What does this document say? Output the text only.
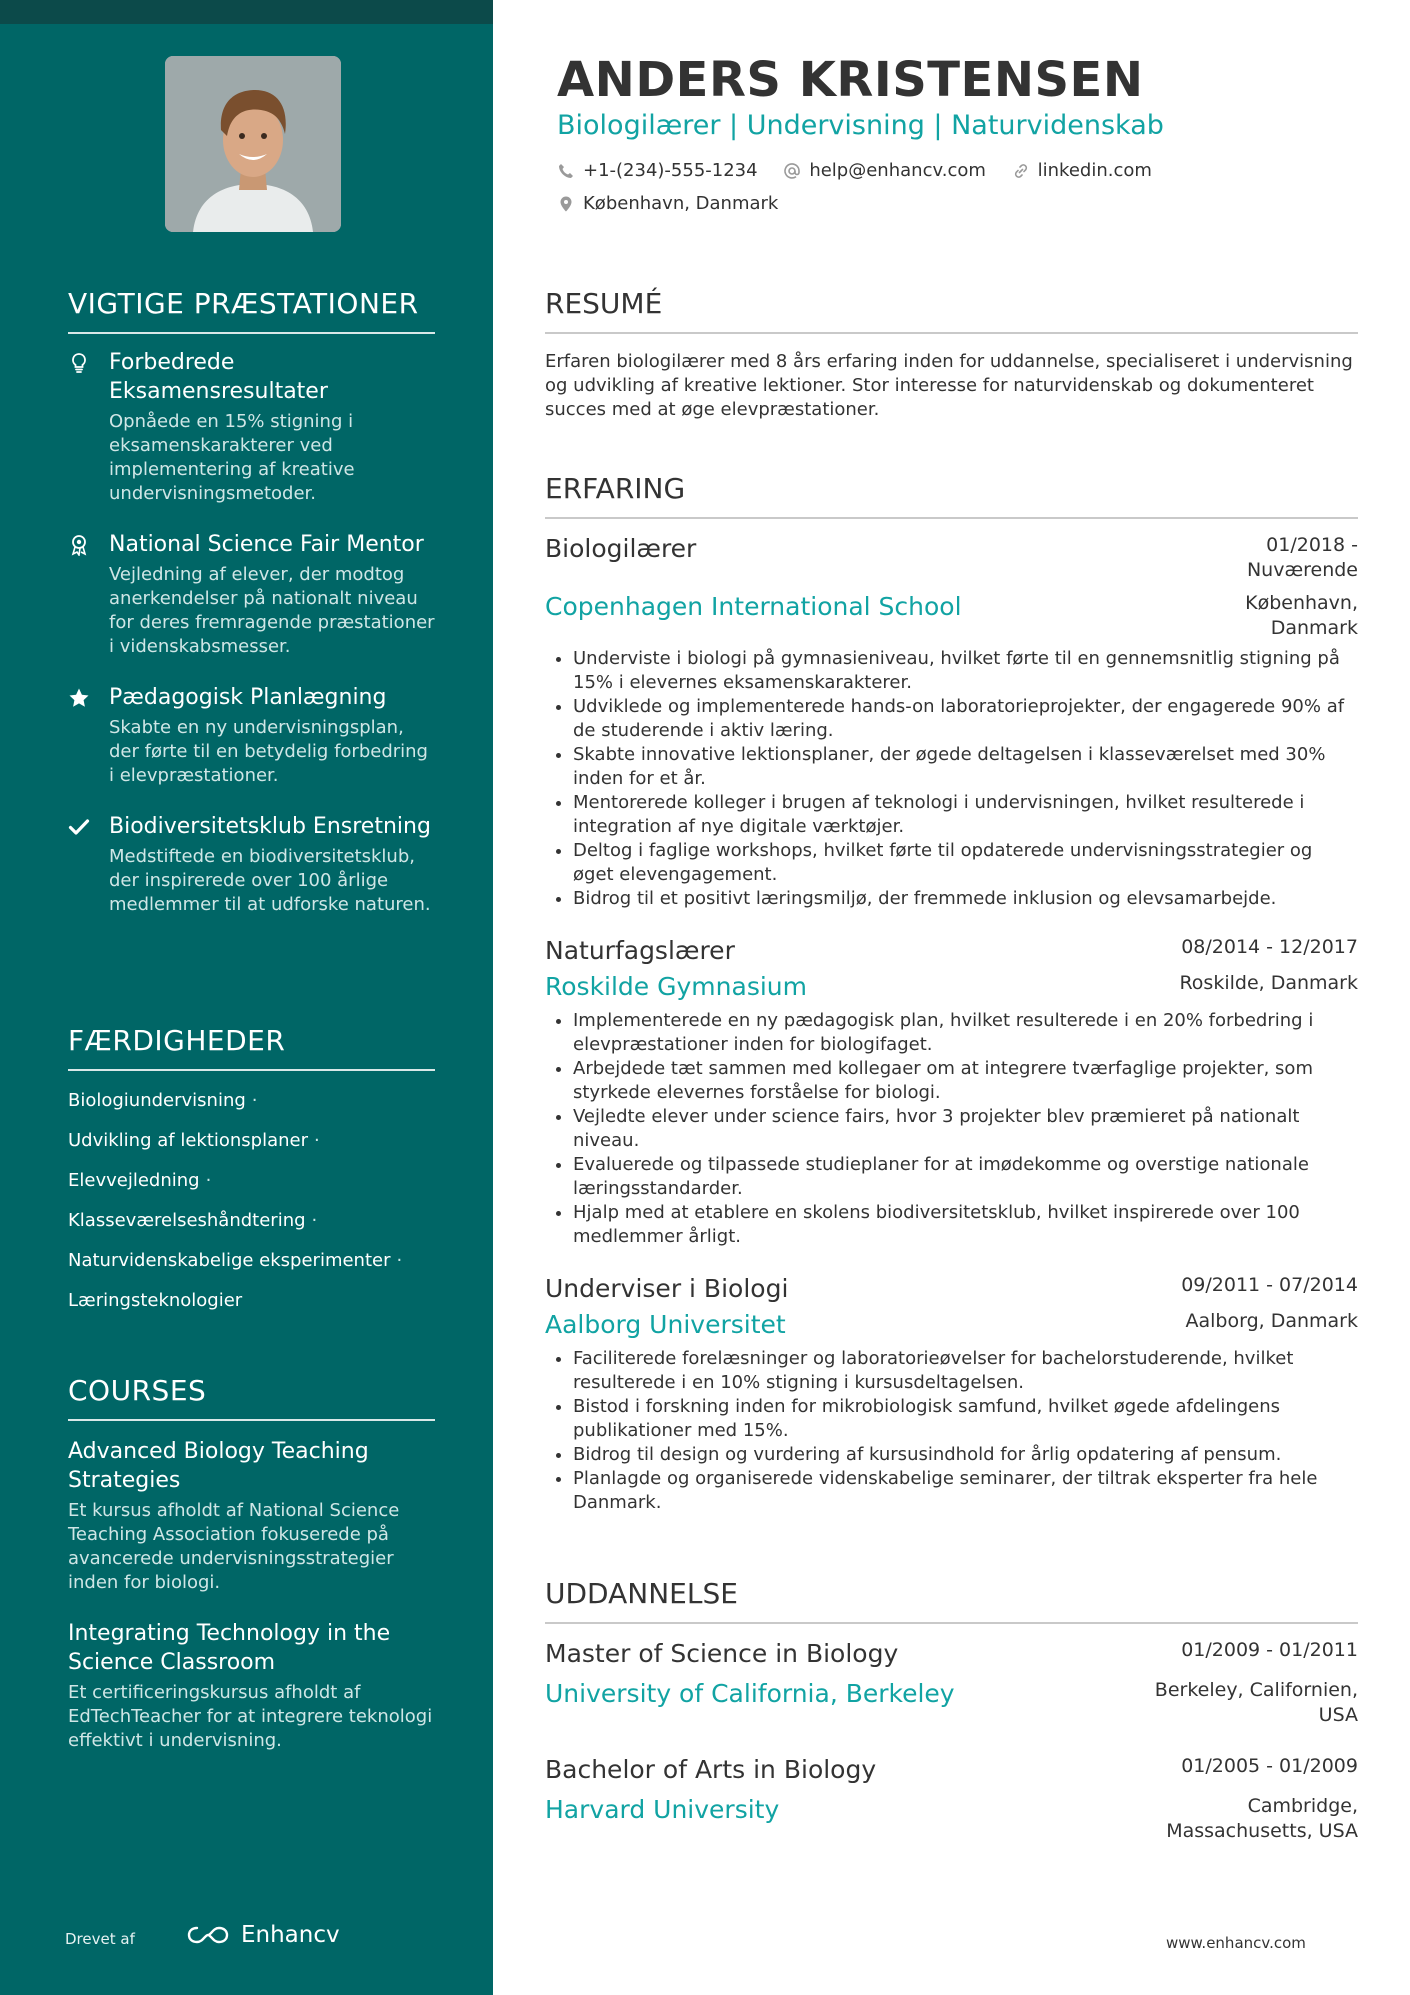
VIGTIGE PRÆSTATIONER
Forbedrede Eksamensresultater
Opnåede en 15% stigning i eksamenskarakterer ved implementering af kreative undervisningsmetoder.
National Science Fair Mentor
Vejledning af elever, der modtog anerkendelser på nationalt niveau for deres fremragende præstationer i videnskabsmesser.
Pædagogisk Planlægning
Skabte en ny undervisningsplan, der førte til en betydelig forbedring i elevpræstationer.
Biodiversitetsklub Ensretning
Medstiftede en biodiversitetsklub, der inspirerede over 100 årlige medlemmer til at udforske naturen.
FÆRDIGHEDER
Biologiundervisning ·
Udvikling af lektionsplaner ·
Elevvejledning ·
Klasseværelseshåndtering ·
Naturvidenskabelige eksperimenter ·
Læringsteknologier
COURSES
Advanced Biology Teaching Strategies
Et kursus afholdt af National Science Teaching Association fokuserede på avancerede undervisningsstrategier inden for biologi.
Integrating Technology in the Science Classroom
Et certificeringskursus afholdt af EdTechTeacher for at integrere teknologi effektivt i undervisning.
Drevet af	Enhancv
ANDERS KRISTENSEN
Biologilærer | Undervisning | Naturvidenskab
+1-(234)-555-1234
	help@enhancv.com
	linkedin.com

København, Danmark
RESUMÉ
Erfaren biologilærer med 8 års erfaring inden for uddannelse, specialiseret i undervisning og udvikling af kreative lektioner. Stor interesse for naturvidenskab og dokumenteret succes med at øge elevpræstationer.
ERFARING
Biologilærer	01/2018 - Nuværende
Copenhagen International School	København, Danmark
• Underviste i biologi på gymnasieniveau, hvilket førte til en gennemsnitlig stigning på 15% i elevernes eksamenskarakterer.
• Udviklede og implementerede hands-on laboratorieprojekter, der engagerede 90% af de studerende i aktiv læring.
• Skabte innovative lektionsplaner, der øgede deltagelsen i klasseværelset med 30% inden for et år.
• Mentorerede kolleger i brugen af teknologi i undervisningen, hvilket resulterede i integration af nye digitale værktøjer.
• Deltog i faglige workshops, hvilket førte til opdaterede undervisningsstrategier og øget elevengagement.
• Bidrog til et positivt læringsmiljø, der fremmede inklusion og elevsamarbejde.
Naturfagslærer	08/2014 - 12/2017
Roskilde Gymnasium	Roskilde, Danmark
• Implementerede en ny pædagogisk plan, hvilket resulterede i en 20% forbedring i elevpræstationer inden for biologifaget.
• Arbejdede tæt sammen med kollegaer om at integrere tværfaglige projekter, som styrkede elevernes forståelse for biologi.
• Vejledte elever under science fairs, hvor 3 projekter blev præmieret på nationalt niveau.
• Evaluerede og tilpassede studieplaner for at imødekomme og overstige nationale læringsstandarder.
• Hjalp med at etablere en skolens biodiversitetsklub, hvilket inspirerede over 100 medlemmer årligt.
Underviser i Biologi	09/2011 - 07/2014
Aalborg Universitet	Aalborg, Danmark
• Faciliterede forelæsninger og laboratorieøvelser for bachelorstuderende, hvilket resulterede i en 10% stigning i kursusdeltagelsen.
• Bistod i forskning inden for mikrobiologisk samfund, hvilket øgede afdelingens publikationer med 15%.
• Bidrog til design og vurdering af kursusindhold for årlig opdatering af pensum.
• Planlagde og organiserede videnskabelige seminarer, der tiltrak eksperter fra hele Danmark.
UDDANNELSE
Master of Science in Biology	01/2009 - 01/2011
University of California, Berkeley	Berkeley, Californien, USA
Bachelor of Arts in Biology	01/2005 - 01/2009
Harvard University	Cambridge, Massachusetts, USA
www.enhancv.com
